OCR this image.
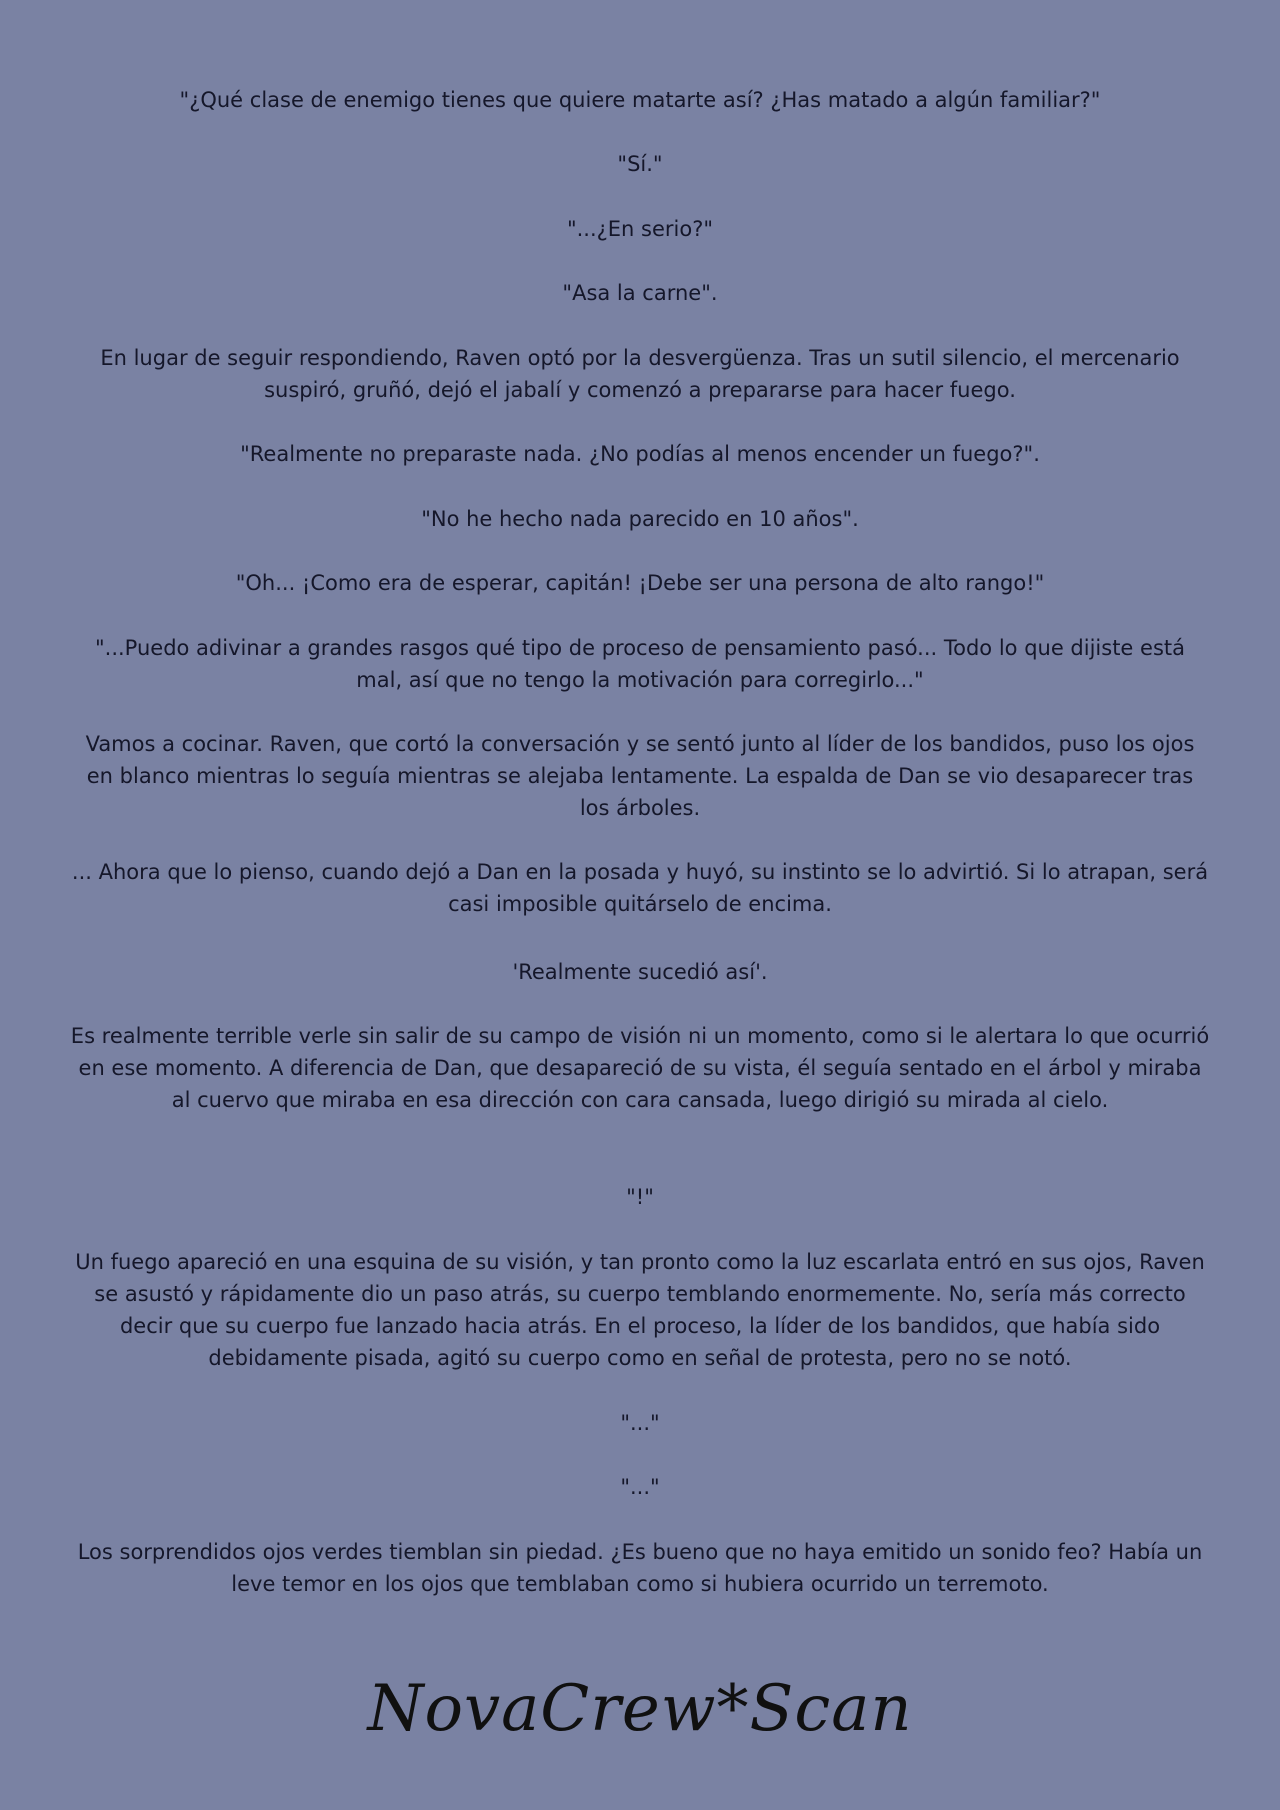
"¿Qué clase de enemigo tienes que quiere matarte así? ¿Has matado a algún familiar?"

"Sí."

"...¿En serio?"

"Asa la carne".

En lugar de seguir respondiendo, Raven optó por la desvergüenza. Tras un sutil silencio, el mercenario suspiró, gruñó, dejó el jabalí y comenzó a prepararse para hacer fuego.

"Realmente no preparaste nada. ¿No podías al menos encender un fuego?".

"No he hecho nada parecido en 10 años".

"Oh... ¡Como era de esperar, capitán! ¡Debe ser una persona de alto rango!"

"...Puedo adivinar a grandes rasgos qué tipo de proceso de pensamiento pasó... Todo lo que dijiste está mal, así que no tengo la motivación para corregirlo..."

Vamos a cocinar. Raven, que cortó la conversación y se sentó junto al líder de los bandidos, puso los ojos en blanco mientras lo seguía mientras se alejaba lentamente. La espalda de Dan se vio desaparecer tras los árboles.

... Ahora que lo pienso, cuando dejó a Dan en la posada y huyó, su instinto se lo advirtió. Si lo atrapan, será casi imposible quitárselo de encima.

'Realmente sucedió así'.

Es realmente terrible verle sin salir de su campo de visión ni un momento, como si le alertara lo que ocurrió en ese momento. A diferencia de Dan, que desapareció de su vista, él seguía sentado en el árbol y miraba al cuervo que miraba en esa dirección con cara cansada, luego dirigió su mirada al cielo.

"!"

Un fuego apareció en una esquina de su visión, y tan pronto como la luz escarlata entró en sus ojos, Raven se asustó y rápidamente dio un paso atrás, su cuerpo temblando enormemente. No, sería más correcto decir que su cuerpo fue lanzado hacia atrás. En el proceso, la líder de los bandidos, que había sido debidamente pisada, agitó su cuerpo como en señal de protesta, pero no se notó.

"..."

"..."

Los sorprendidos ojos verdes tiemblan sin piedad. ¿Es bueno que no haya emitido un sonido feo? Había un leve temor en los ojos que temblaban como si hubiera ocurrido un terremoto.

NovaCrew*Scan
